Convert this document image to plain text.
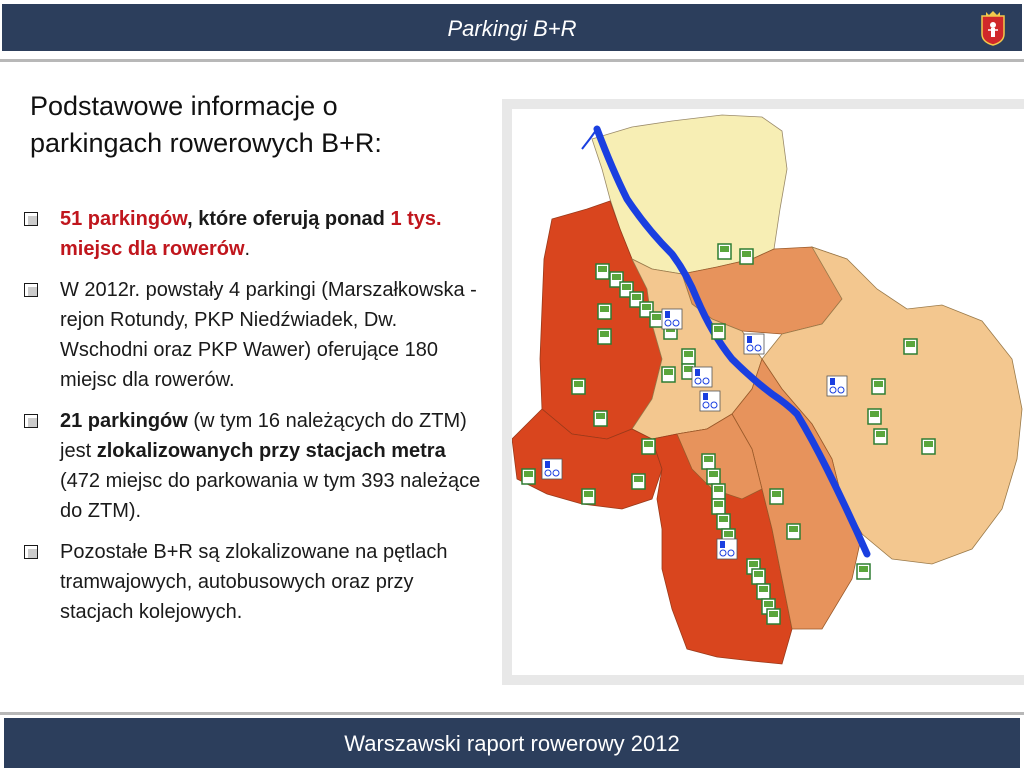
Parkingi B+R
Podstawowe informacje o
parkingach rowerowych B+R:
51 parkingów, które oferują ponad 1 tys. miejsc dla rowerów.
W 2012r. powstały 4 parkingi (Marszałkowska - rejon Rotundy, PKP Niedźwiadek, Dw. Wschodni oraz PKP Wawer) oferujące 180 miejsc dla rowerów.
21 parkingów (w tym 16 należących do ZTM) jest zlokalizowanych przy stacjach metra (472 miejsc do parkowania w tym 393 należące do ZTM).
Pozostałe B+R są zlokalizowane na pętlach tramwajowych, autobusowych oraz przy stacjach kolejowych.
Warszawski raport rowerowy 2012
